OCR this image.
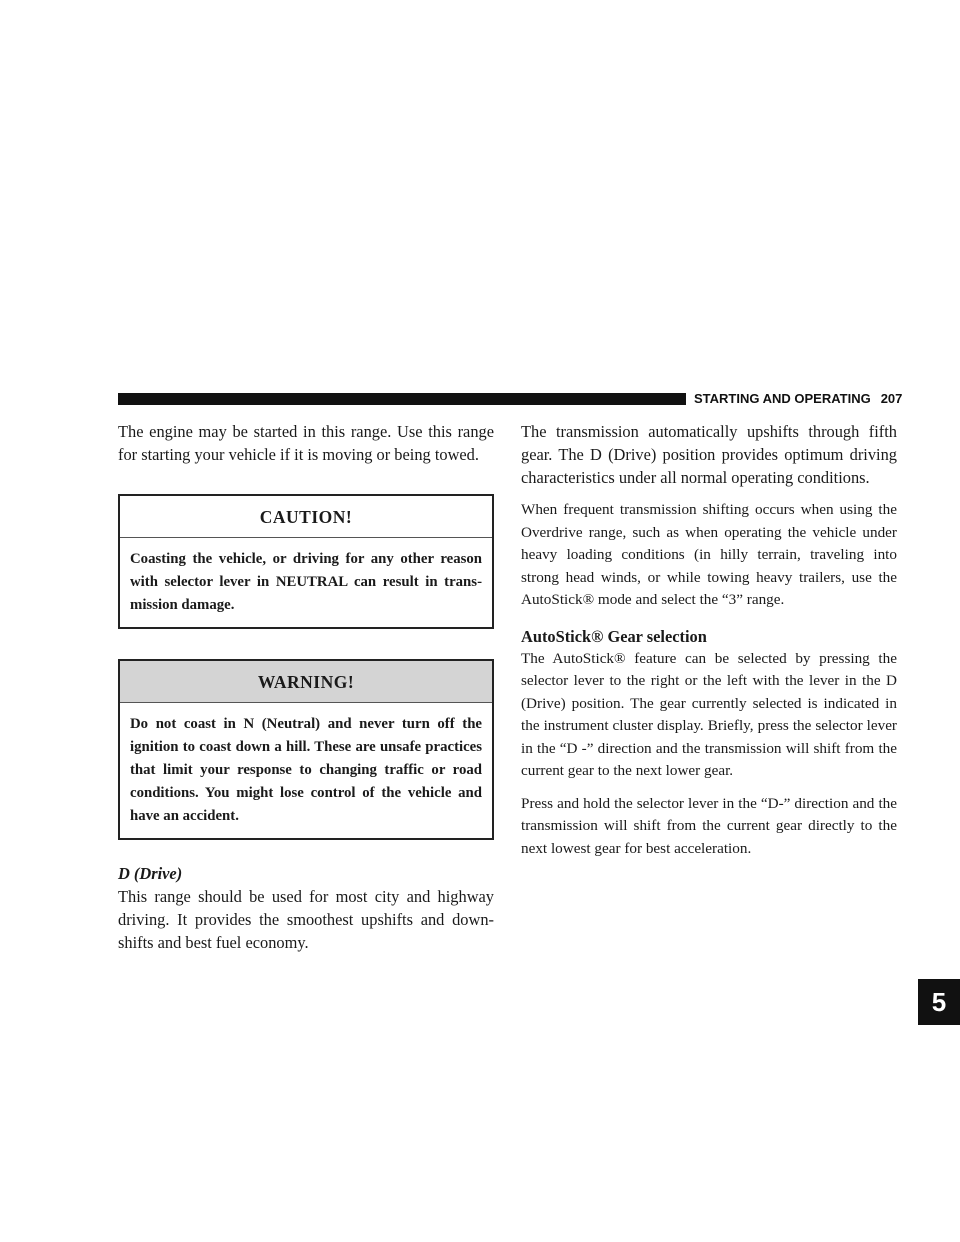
STARTING AND OPERATING 207
5

The engine may be started in this range. Use this range for starting your vehicle if it is moving or being towed.

CAUTION!
Coasting the vehicle, or driving for any other reason with selector lever in NEUTRAL can result in transmission damage.
WARNING!
Do not coast in N (Neutral) and never turn off the ignition to coast down a hill. These are unsafe practices that limit your response to changing traffic or road conditions. You might lose control of the vehicle and have an accident.
D (Drive)

This range should be used for most city and highway driving. It provides the smoothest upshifts and downshifts and best fuel economy.

The transmission automatically upshifts through fifth gear. The D (Drive) position provides optimum driving characteristics under all normal operating conditions.

When frequent transmission shifting occurs when using the Overdrive range, such as when operating the vehicle under heavy loading conditions (in hilly terrain, traveling into strong head winds, or while towing heavy trailers, use the AutoStick® mode and select the “3” range.

AutoStick® Gear selection

The AutoStick® feature can be selected by pressing the selector lever to the right or the left with the lever in the D (Drive) position. The gear currently selected is indicated in the instrument cluster display. Briefly, press the selector lever in the “D -” direction and the transmission will shift from the current gear to the next lower gear.

Press and hold the selector lever in the “D-” direction and the transmission will shift from the current gear directly to the next lowest gear for best acceleration.
